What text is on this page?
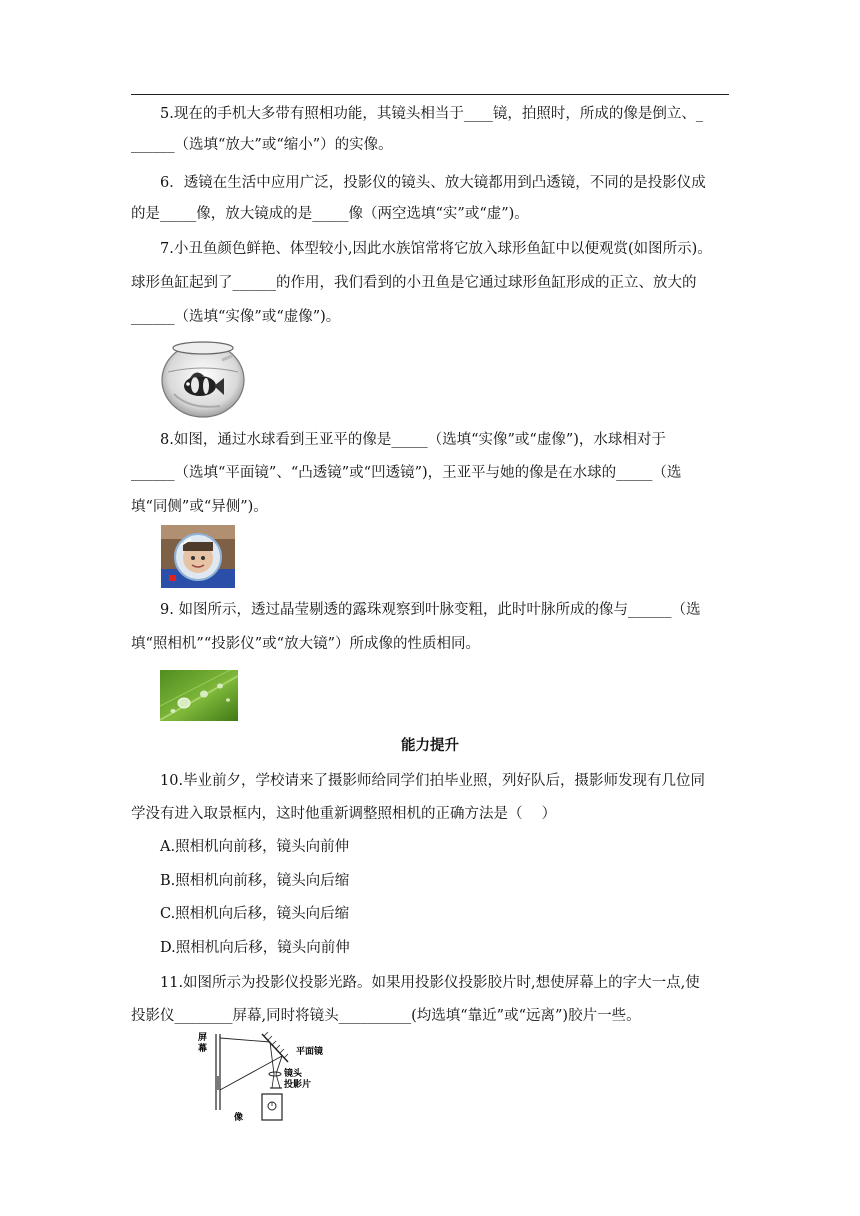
5.现在的手机大多带有照相功能，其镜头相当于____镜，拍照时，所成的像是倒立、_
______（选填“放大”或“缩小”）的实像。
6．透镜在生活中应用广泛，投影仪的镜头、放大镜都用到凸透镜，不同的是投影仪成
的是_____像，放大镜成的是_____像（两空选填“实”或“虚”)。
7.小丑鱼颜色鲜艳、体型较小,因此水族馆常将它放入球形鱼缸中以便观赏(如图所示)。
球形鱼缸起到了______的作用，我们看到的小丑鱼是它通过球形鱼缸形成的正立、放大的
______（选填“实像”或“虚像”)。
8.如图，通过水球看到王亚平的像是_____（选填“实像”或“虚像”)，水球相对于
______（选填“平面镜”、“凸透镜”或“凹透镜”)，王亚平与她的像是在水球的_____（选
填“同侧”或“异侧”)。
9. 如图所示，透过晶莹剔透的露珠观察到叶脉变粗，此时叶脉所成的像与______（选
填“照相机”“投影仪”或“放大镜”）所成像的性质相同。
能力提升
10.毕业前夕，学校请来了摄影师给同学们拍毕业照，列好队后，摄影师发现有几位同
学没有进入取景框内，这时他重新调整照相机的正确方法是（　 ）
A.照相机向前移，镜头向前伸
B.照相机向前移，镜头向后缩
C.照相机向后移，镜头向后缩
D.照相机向后移，镜头向前伸
11.如图所示为投影仪投影光路。如果用投影仪投影胶片时,想使屏幕上的字大一点,使
投影仪________屏幕,同时将镜头__________(均选填“靠近”或“远离”)胶片一些。
屏 幕	平面镜
镜头
投影片
像
